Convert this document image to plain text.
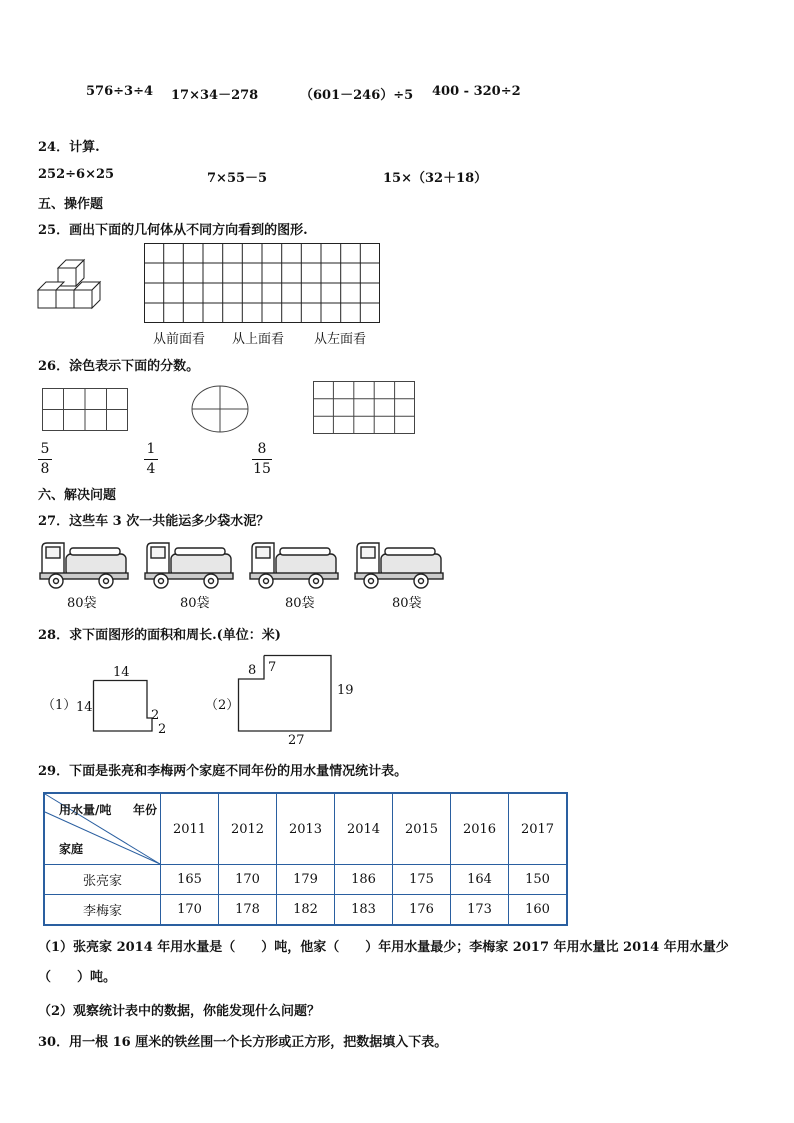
576÷3÷4 17×34－278	（601－246）÷5 400 - 320÷2
24．计算.
252÷6×25	7×55－5	15×（32＋18）
五、操作题
25．画出下面的几何体从不同方向看到的图形.
从前面看 从上面看 从左面看
26．涂色表示下面的分数。
5
8
1
4
8
15
六、解决问题
27．这些车 3 次一共能运多少袋水泥？
80袋	80袋	80袋	80袋
28．求下面图形的面积和周长.(单位：米)
（1）
14
14
2
2
（2）
8 7
19
27
29．下面是张亮和李梅两个家庭不同年份的用水量情况统计表。
用水量/吨 年份
家庭	2011	2012	2013	2014	2015	2016	2017
张亮家	165	170	179	186	175	164	150
李梅家	170	178	182	183	176	173	160
（1）张亮家 2014 年用水量是（　　）吨，他家（　　）年用水量最少；李梅家 2017 年用水量比 2014 年用水量少
（　　）吨。
（2）观察统计表中的数据，你能发现什么问题？
30．用一根 16 厘米的铁丝围一个长方形或正方形，把数据填入下表。
